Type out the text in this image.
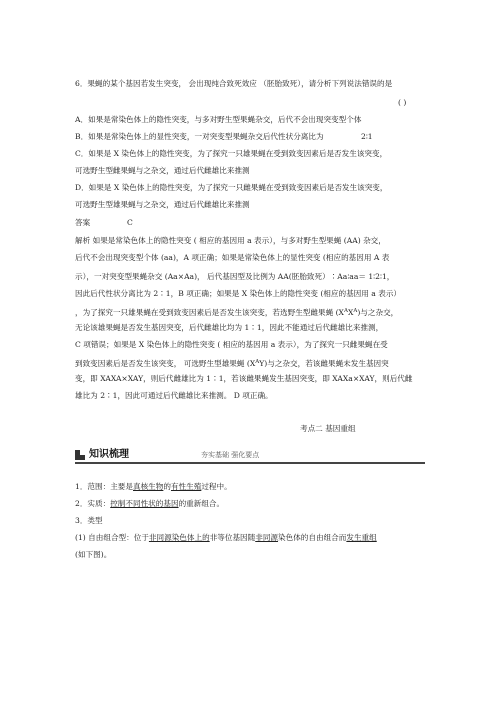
6．果蝇的某个基因若发生突变， 会出现纯合致死效应 （胚胎致死），请分析下列说法错误的是
( )
A．如果是常染色体上的隐性突变，与多对野生型果蝇杂交，后代不会出现突变型个体
B．如果是常染色体上的显性突变，一对突变型果蝇杂交后代性状分离比为	2∶1
C．如果是 X 染色体上的隐性突变，为了探究一只雄果蝇在受到致变因素后是否发生该突变，
可选野生型雌果蝇与之杂交，通过后代雌雄比来推测
D．如果是 X 染色体上的隐性突变，为了探究一只雌果蝇在受到致变因素后是否发生该突变，
可选野生型雄果蝇与之杂交，通过后代雌雄比来推测
答案	C
解析 如果是常染色体上的隐性突变 ( 相应的基因用 a 表示），与多对野生型果蝇 (AA) 杂交，
后代不会出现突变型个体 (aa)，A 项正确；如果是常染色体上的显性突变 (相应的基因用 A 表
示），一对突变型果蝇杂交 (Aa×Aa)， 后代基因型及比例为 AA(胚胎致死）∶Aa∶aa＝ 1∶2∶1，
因此后代性状分离比为 2∶1，B 项正确；如果是 X 染色体上的隐性突变 (相应的基因用 a 表示）
，为了探究一只雄果蝇在受到致变因素后是否发生该突变，若选野生型雌果蝇 $(X^AX^A)$与之杂交，
无论该雄果蝇是否发生基因突变，后代雌雄比均为 1∶1，因此不能通过后代雌雄比来推测，
C 项错误；如果是 X 染色体上的隐性突变 ( 相应的基因用 a 表示），为了探究一只雌果蝇在受
到致变因素后是否发生该突变， 可选野生型雄果蝇 $(X^AY)$与之杂交，若该雌果蝇未发生基因突
变，即 XAXA×XAY，则后代雌雄比为 1∶1，若该雌果蝇发生基因突变，即 XAXa×XAY，则后代雌
雄比为 2∶1，因此可通过后代雌雄比来推测。 D 项正确。
考点二 基因重组
知识梳理	夯实基础 强化要点
1．范围：主要是真核生物的有性生殖过程中。
2．实质：控制不同性状的基因的重新组合。
3．类型
(1) 自由组合型：位于非同源染色体上的非等位基因随非同源染色体的自由组合而发生重组
(如下图)。
